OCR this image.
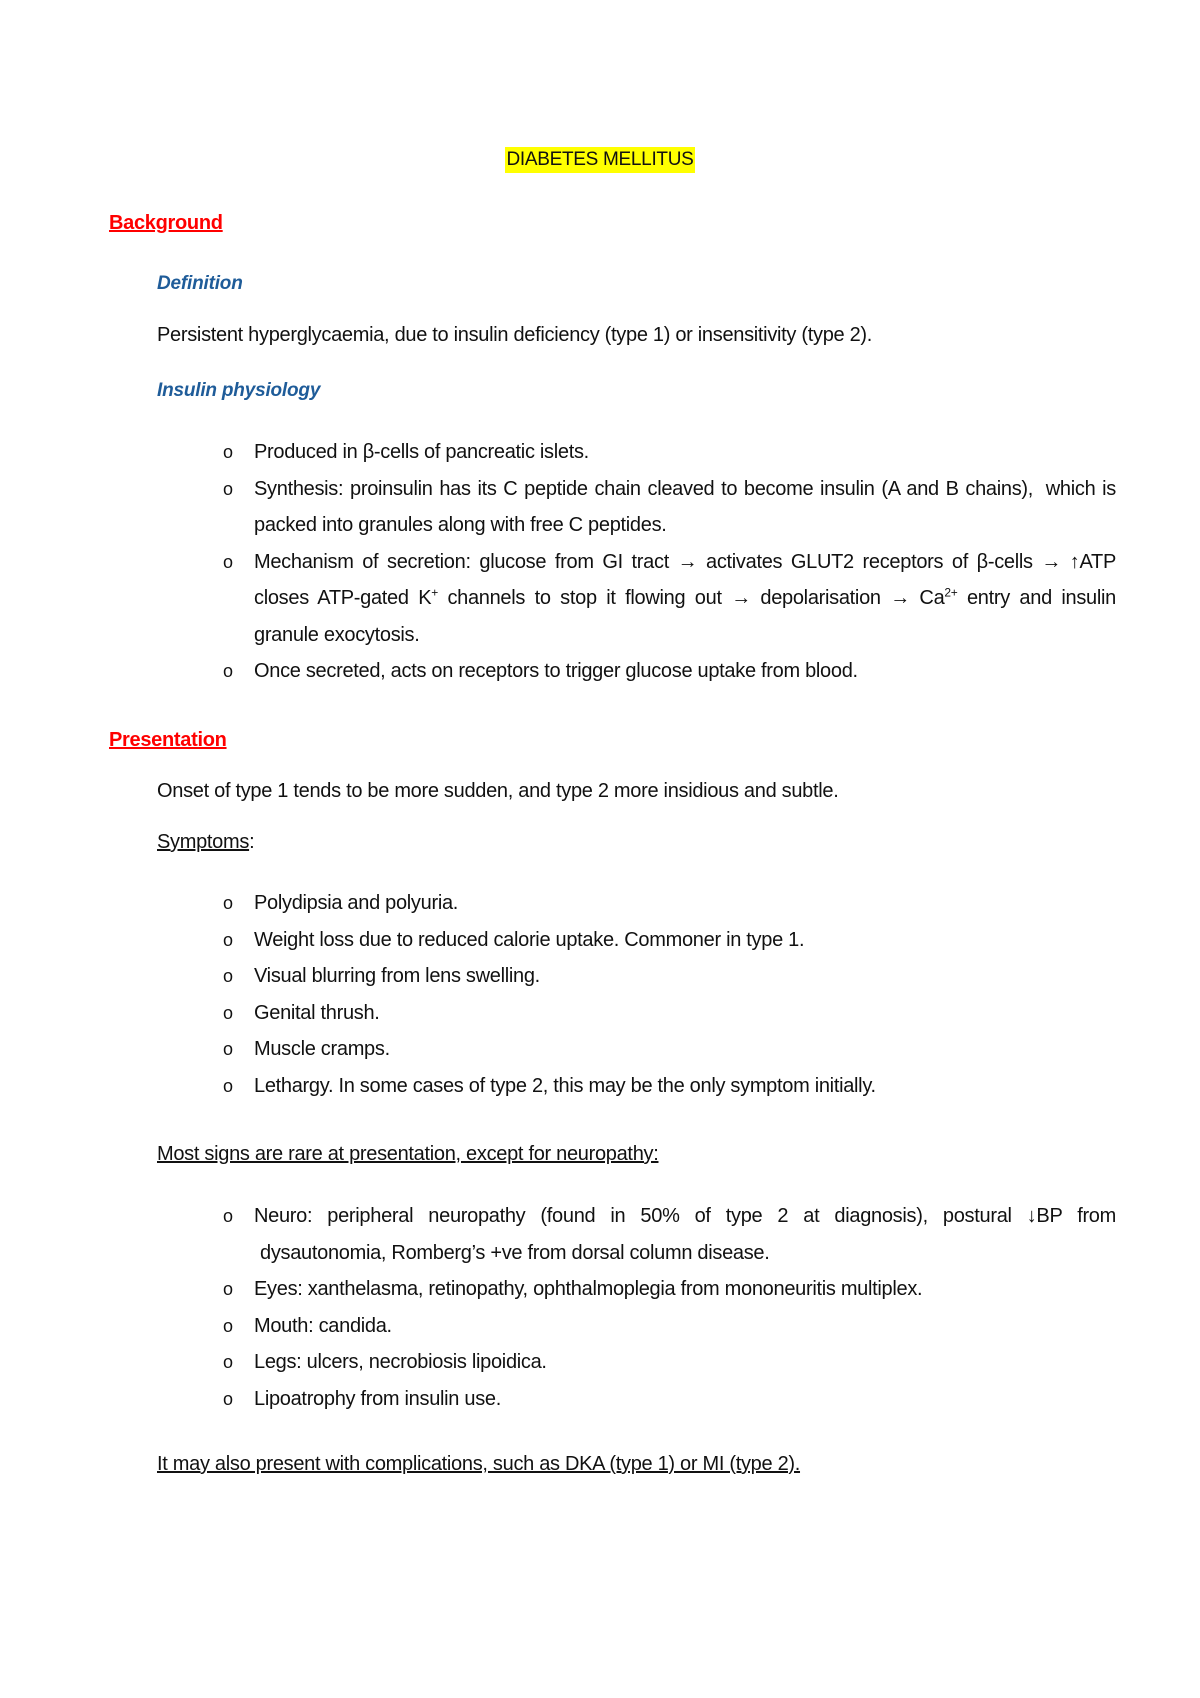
DIABETES MELLITUS
Background
Definition
Persistent hyperglycaemia, due to insulin deficiency (type 1) or insensitivity (type 2).
Insulin physiology
o Produced in β-cells of pancreatic islets.
o Synthesis: proinsulin has its C peptide chain cleaved to become insulin (A and B chains), which is packed into granules along with free C peptides.
o Mechanism of secretion: glucose from GI tract → activates GLUT2 receptors of β-cells → ↑ATP closes ATP-gated K+ channels to stop it flowing out → depolarisation → $Ca^{2+}$ entry and insulin granule exocytosis.
o Once secreted, acts on receptors to trigger glucose uptake from blood.
Presentation
Onset of type 1 tends to be more sudden, and type 2 more insidious and subtle.
Symptoms:
o Polydipsia and polyuria.
o Weight loss due to reduced calorie uptake. Commoner in type 1.
o Visual blurring from lens swelling.
o Genital thrush.
o Muscle cramps.
o Lethargy. In some cases of type 2, this may be the only symptom initially.
Most signs are rare at presentation, except for neuropathy:
o Neuro: peripheral neuropathy (found in 50% of type 2 at diagnosis), postural ↓BP from dysautonomia, Romberg’s +ve from dorsal column disease.
o Eyes: xanthelasma, retinopathy, ophthalmoplegia from mononeuritis multiplex.
o Mouth: candida.
o Legs: ulcers, necrobiosis lipoidica.
o Lipoatrophy from insulin use.
It may also present with complications, such as DKA (type 1) or MI (type 2).
